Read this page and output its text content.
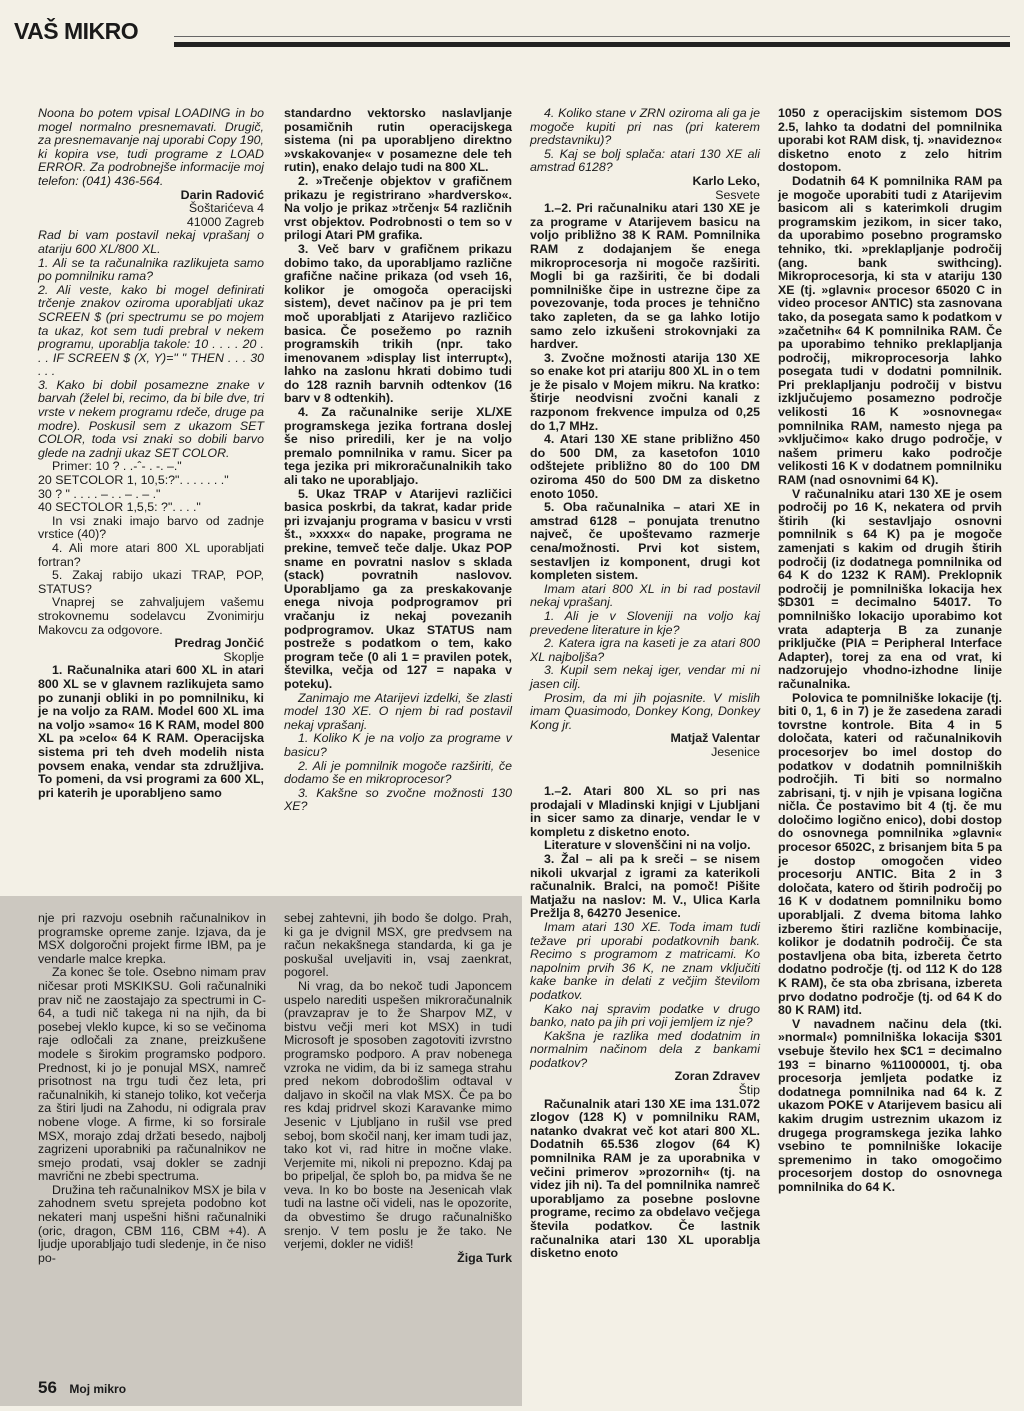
VAŠ MIKRO

Noona bo potem vpisal LOADING in bo mogel normalno presnemavati. Drugič, za presnemavanje naj uporabi Copy 190, ki kopira vse, tudi programe z LOAD ERROR. Za podrobnejše informacije moj telefon: (041) 436-564.

Darin Radović

Šoštarićeva 4

41000 Zagreb

Rad bi vam postavil nekaj vprašanj o atariju 600 XL/800 XL.

1. Ali se ta računalnika razlikujeta samo po pomnilniku rama?

2. Ali veste, kako bi mogel definirati trčenje znakov oziroma uporabljati ukaz SCREEN $ (pri spectrumu se po mojem ta ukaz, kot sem tudi prebral v nekem programu, uporablja takole: 10 . . . . 20 . . . IF SCREEN $ (X, Y)=" " THEN . . . 30 . . .

3. Kako bi dobil posamezne znake v barvah (želel bi, recimo, da bi bile dve, tri vrste v nekem programu rdeče, druge pa modre). Poskusil sem z ukazom SET COLOR, toda vsi znaki so dobili barvo glede na zadnji ukaz SET COLOR.

Primer: 10 ? . .-ˆ- . -. –."

20 SETCOLOR 1, 10,5:?". . . . . . ."

30 ? " . . . . – . . – . – ."

40 SECTOLOR 1,5,5: ?". . . ."

In vsi znaki imajo barvo od zadnje vrstice (40)?

4. Ali more atari 800 XL uporabljati fortran?

5. Zakaj rabijo ukazi TRAP, POP, STATUS?

Vnaprej se zahvaljujem vašemu strokovnemu sodelavcu Zvonimirju Makovcu za odgovore.

Predrag Jončić

Skoplje

1. Računalnika atari 600 XL in atari 800 XL se v glavnem razlikujeta samo po zunanji obliki in po pomnilniku, ki je na voljo za RAM. Model 600 XL ima na voljo »samo« 16 K RAM, model 800 XL pa »celo« 64 K RAM. Operacijska sistema pri teh dveh modelih nista povsem enaka, vendar sta združljiva. To pomeni, da vsi programi za 600 XL, pri katerih je uporabljeno samo

standardno vektorsko naslavljanje posamičnih rutin operacijskega sistema (ni pa uporabljeno direktno »vskakovanje« v posamezne dele teh rutin), enako delajo tudi na 800 XL.

2. »Trečenje objektov v grafičnem prikazu je registrirano »hardversko«. Na voljo je prikaz »trčenj« 54 različnih vrst objektov. Podrobnosti o tem so v prilogi Atari PM grafika.

3. Več barv v grafičnem prikazu dobimo tako, da uporabljamo različne grafične načine prikaza (od vseh 16, kolikor je omogoča operacijski sistem), devet načinov pa je pri tem moč uporabljati z Atarijevo različico basica. Če posežemo po raznih programskih trikih (npr. tako imenovanem »display list interrupt«), lahko na zaslonu hkrati dobimo tudi do 128 raznih barvnih odtenkov (16 barv v 8 odtenkih).

4. Za računalnike serije XL/XE programskega jezika fortrana doslej še niso priredili, ker je na voljo premalo pomnilnika v ramu. Sicer pa tega jezika pri mikroračunalnikih tako ali tako ne uporabljajo.

5. Ukaz TRAP v Atarijevi različici basica poskrbi, da takrat, kadar pride pri izvajanju programa v basicu v vrsti št., »xxxx« do napake, programa ne prekine, temveč teče dalje. Ukaz POP sname en povratni naslov s sklada (stack) povratnih naslovov. Uporabljamo ga za preskakovanje enega nivoja podprogramov pri vračanju iz nekaj povezanih podprogramov. Ukaz STATUS nam postreže s podatkom o tem, kako program teče (0 ali 1 = pravilen potek, številka, večja od 127 = napaka v poteku).

Zanimajo me Atarijevi izdelki, še zlasti model 130 XE. O njem bi rad postavil nekaj vprašanj.

1. Koliko K je na voljo za programe v basicu?

2. Ali je pomnilnik mogoče razširiti, če dodamo še en mikroprocesor?

3. Kakšne so zvočne možnosti 130 XE?

4. Koliko stane v ZRN oziroma ali ga je mogoče kupiti pri nas (pri katerem predstavniku)?

5. Kaj se bolj splača: atari 130 XE ali amstrad 6128?

Karlo Leko,

Sesvete

1.–2. Pri računalniku atari 130 XE je za programe v Atarijevem basicu na voljo približno 38 K RAM. Pomnilnika RAM z dodajanjem še enega mikroprocesorja ni mogoče razširiti. Mogli bi ga razširiti, če bi dodali pomnilniške čipe in ustrezne čipe za povezovanje, toda proces je tehnično tako zapleten, da se ga lahko lotijo samo zelo izkušeni strokovnjaki za hardver.

3. Zvočne možnosti atarija 130 XE so enake kot pri atariju 800 XL in o tem je že pisalo v Mojem mikru. Na kratko: štirje neodvisni zvočni kanali z razponom frekvence impulza od 0,25 do 1,7 MHz.

4. Atari 130 XE stane približno 450 do 500 DM, za kasetofon 1010 odštejete približno 80 do 100 DM oziroma 450 do 500 DM za disketno enoto 1050.

5. Oba računalnika – atari XE in amstrad 6128 – ponujata trenutno največ, če upoštevamo razmerje cena/možnosti. Prvi kot sistem, sestavljen iz komponent, drugi kot kompleten sistem.

Imam atari 800 XL in bi rad postavil nekaj vprašanj.

1. Ali je v Sloveniji na voljo kaj prevedene literature in kje?

2. Katera igra na kaseti je za atari 800 XL najboljša?

3. Kupil sem nekaj iger, vendar mi ni jasen cilj.

Prosim, da mi jih pojasnite. V mislih imam Quasimodo, Donkey Kong, Donkey Kong jr.

Matjaž Valentar

Jesenice

1.–2. Atari 800 XL so pri nas prodajali v Mladinski knjigi v Ljubljani in sicer samo za dinarje, vendar le v kompletu z disketno enoto.

Literature v slovenščini ni na voljo.

3. Žal – ali pa k sreči – se nisem nikoli ukvarjal z igrami za katerikoli računalnik. Bralci, na pomoč! Pišite Matjažu na naslov: M. V., Ulica Karla Prežlja 8, 64270 Jesenice.

Imam atari 130 XE. Toda imam tudi težave pri uporabi podatkovnih bank. Recimo s programom z matricami. Ko napolnim prvih 36 K, ne znam vključiti kake banke in delati z večjim številom podatkov.

Kako naj spravim podatke v drugo banko, nato pa jih pri voji jemljem iz nje?

Kakšna je razlika med dodatnim in normalnim načinom dela z bankami podatkov?

Zoran Zdravev

Štip

Računalnik atari 130 XE ima 131.072 zlogov (128 K) v pomnilniku RAM, natanko dvakrat več kot atari 800 XL. Dodatnih 65.536 zlogov (64 K) pomnilnika RAM je za uporabnika v večini primerov »prozornih« (tj. na videz jih ni). Ta del pomnilnika namreč uporabljamo za posebne poslovne programe, recimo za obdelavo večjega števila podatkov. Če lastnik računalnika atari 130 XL uporablja disketno enoto

1050 z operacijskim sistemom DOS 2.5, lahko ta dodatni del pomnilnika uporabi kot RAM disk, tj. »navidezno« disketno enoto z zelo hitrim dostopom.

Dodatnih 64 K pomnilnika RAM pa je mogoče uporabiti tudi z Atarijevim basicom ali s katerimkoli drugim programskim jezikom, in sicer tako, da uporabimo posebno programsko tehniko, tki. »preklapljanje področij (ang. bank swithcing). Mikroprocesorja, ki sta v atariju 130 XE (tj. »glavni« procesor 65020 C in video procesor ANTIC) sta zasnovana tako, da posegata samo k podatkom v »začetnih« 64 K pomnilnika RAM. Če pa uporabimo tehniko preklapljanja področij, mikroprocesorja lahko posegata tudi v dodatni pomnilnik. Pri preklapljanju področij v bistvu izključujemo posamezno področje velikosti 16 K »osnovnega« pomnilnika RAM, namesto njega pa »vključimo« kako drugo področje, v našem primeru kako področje velikosti 16 K v dodatnem pomnilniku RAM (nad osnovnimi 64 K).

V računalniku atari 130 XE je osem področij po 16 K, nekatera od prvih štirih (ki sestavljajo osnovni pomnilnik s 64 K) pa je mogoče zamenjati s kakim od drugih štirih področij (iz dodatnega pomnilnika od 64 K do 1232 K RAM). Preklopnik področij je pomnilniška lokacija hex $D301 = decimalno 54017. To pomnilniško lokacijo uporabimo kot vrata adapterja B za zunanje priključke (PIA = Peripheral Interface Adapter), torej za ena od vrat, ki nadzorujejo vhodno-izhodne linije računalnika.

Polovica te pomnilniške lokacije (tj. biti 0, 1, 6 in 7) je že zasedena zaradi tovrstne kontrole. Bita 4 in 5 določata, kateri od računalnikovih procesorjev bo imel dostop do podatkov v dodatnih pomnilniških področjih. Ti biti so normalno zabrisani, tj. v njih je vpisana logična ničla. Če postavimo bit 4 (tj. če mu določimo logično enico), dobi dostop do osnovnega pomnilnika »glavni« procesor 6502C, z brisanjem bita 5 pa je dostop omogočen video procesorju ANTIC. Bita 2 in 3 določata, katero od štirih področij po 16 K v dodatnem pomnilniku bomo uporabljali. Z dvema bitoma lahko izberemo štiri različne kombinacije, kolikor je dodatnih področij. Če sta postavljena oba bita, izbereta četrto dodatno področje (tj. od 112 K do 128 K RAM), če sta oba zbrisana, izbereta prvo dodatno področje (tj. od 64 K do 80 K RAM) itd.

V navadnem načinu dela (tki. »normal«) pomnilniška lokacija $301 vsebuje število hex $C1 = decimalno 193 = binarno %11000001, tj. oba procesorja jemljeta podatke iz dodatnega pomnilnika nad 64 k. Z ukazom POKE v Atarijevem basicu ali kakim drugim ustreznim ukazom iz drugega programskega jezika lahko vsebino te pomnilniške lokacije spremenimo in tako omogočimo procesorjem dostop do osnovnega pomnilnika do 64 K.

nje pri razvoju osebnih računalnikov in programske opreme zanje. Izjava, da je MSX dolgoročni projekt firme IBM, pa je vendarle malce krepka.

Za konec še tole. Osebno nimam prav ničesar proti MSKIKSU. Goli računalniki prav nič ne zaostajajo za spectrumi in C-64, a tudi nič takega ni na njih, da bi posebej vleklo kupce, ki so se večinoma raje odločali za znane, preizkušene modele s širokim programsko podporo. Prednost, ki jo je ponujal MSX, namreč prisotnost na trgu tudi čez leta, pri računalnikih, ki stanejo toliko, kot večerja za štiri ljudi na Zahodu, ni odigrala prav nobene vloge. A firme, ki so forsirale MSX, morajo zdaj držati besedo, najbolj zagrizeni uporabniki pa računalnikov ne smejo prodati, vsaj dokler se zadnji mavrični ne zbebi spectruma.

Družina teh računalnikov MSX je bila v zahodnem svetu sprejeta podobno kot nekateri manj uspešni hišni računalniki (oric, dragon, CBM 116, CBM +4). A ljudje uporabljajo tudi sledenje, in če niso po-

sebej zahtevni, jih bodo še dolgo. Prah, ki ga je dvignil MSX, gre predvsem na račun nekakšnega standarda, ki ga je poskušal uveljaviti in, vsaj zaenkrat, pogorel.

Ni vrag, da bo nekoč tudi Japoncem uspelo narediti uspešen mikroračunalnik (pravzaprav je to že Sharpov MZ, v bistvu večji meri kot MSX) in tudi Microsoft je sposoben zagotoviti izvrstno programsko podporo. A prav nobenega vzroka ne vidim, da bi iz samega strahu pred nekom dobrodošlim odtaval v daljavo in skočil na vlak MSX. Če pa bo res kdaj pridrvel skozi Karavanke mimo Jesenic v Ljubljano in rušil vse pred seboj, bom skočil nanj, ker imam tudi jaz, tako kot vi, rad hitre in močne vlake. Verjemite mi, nikoli ni prepozno. Kdaj pa bo pripeljal, če sploh bo, pa midva še ne veva. In ko bo boste na Jesenicah vlak tudi na lastne oči videli, nas le opozorite, da obvestimo še drugo računalniško srenjo. V tem poslu je že tako. Ne verjemi, dokler ne vidiš!

Žiga Turk

56 Moj mikro
